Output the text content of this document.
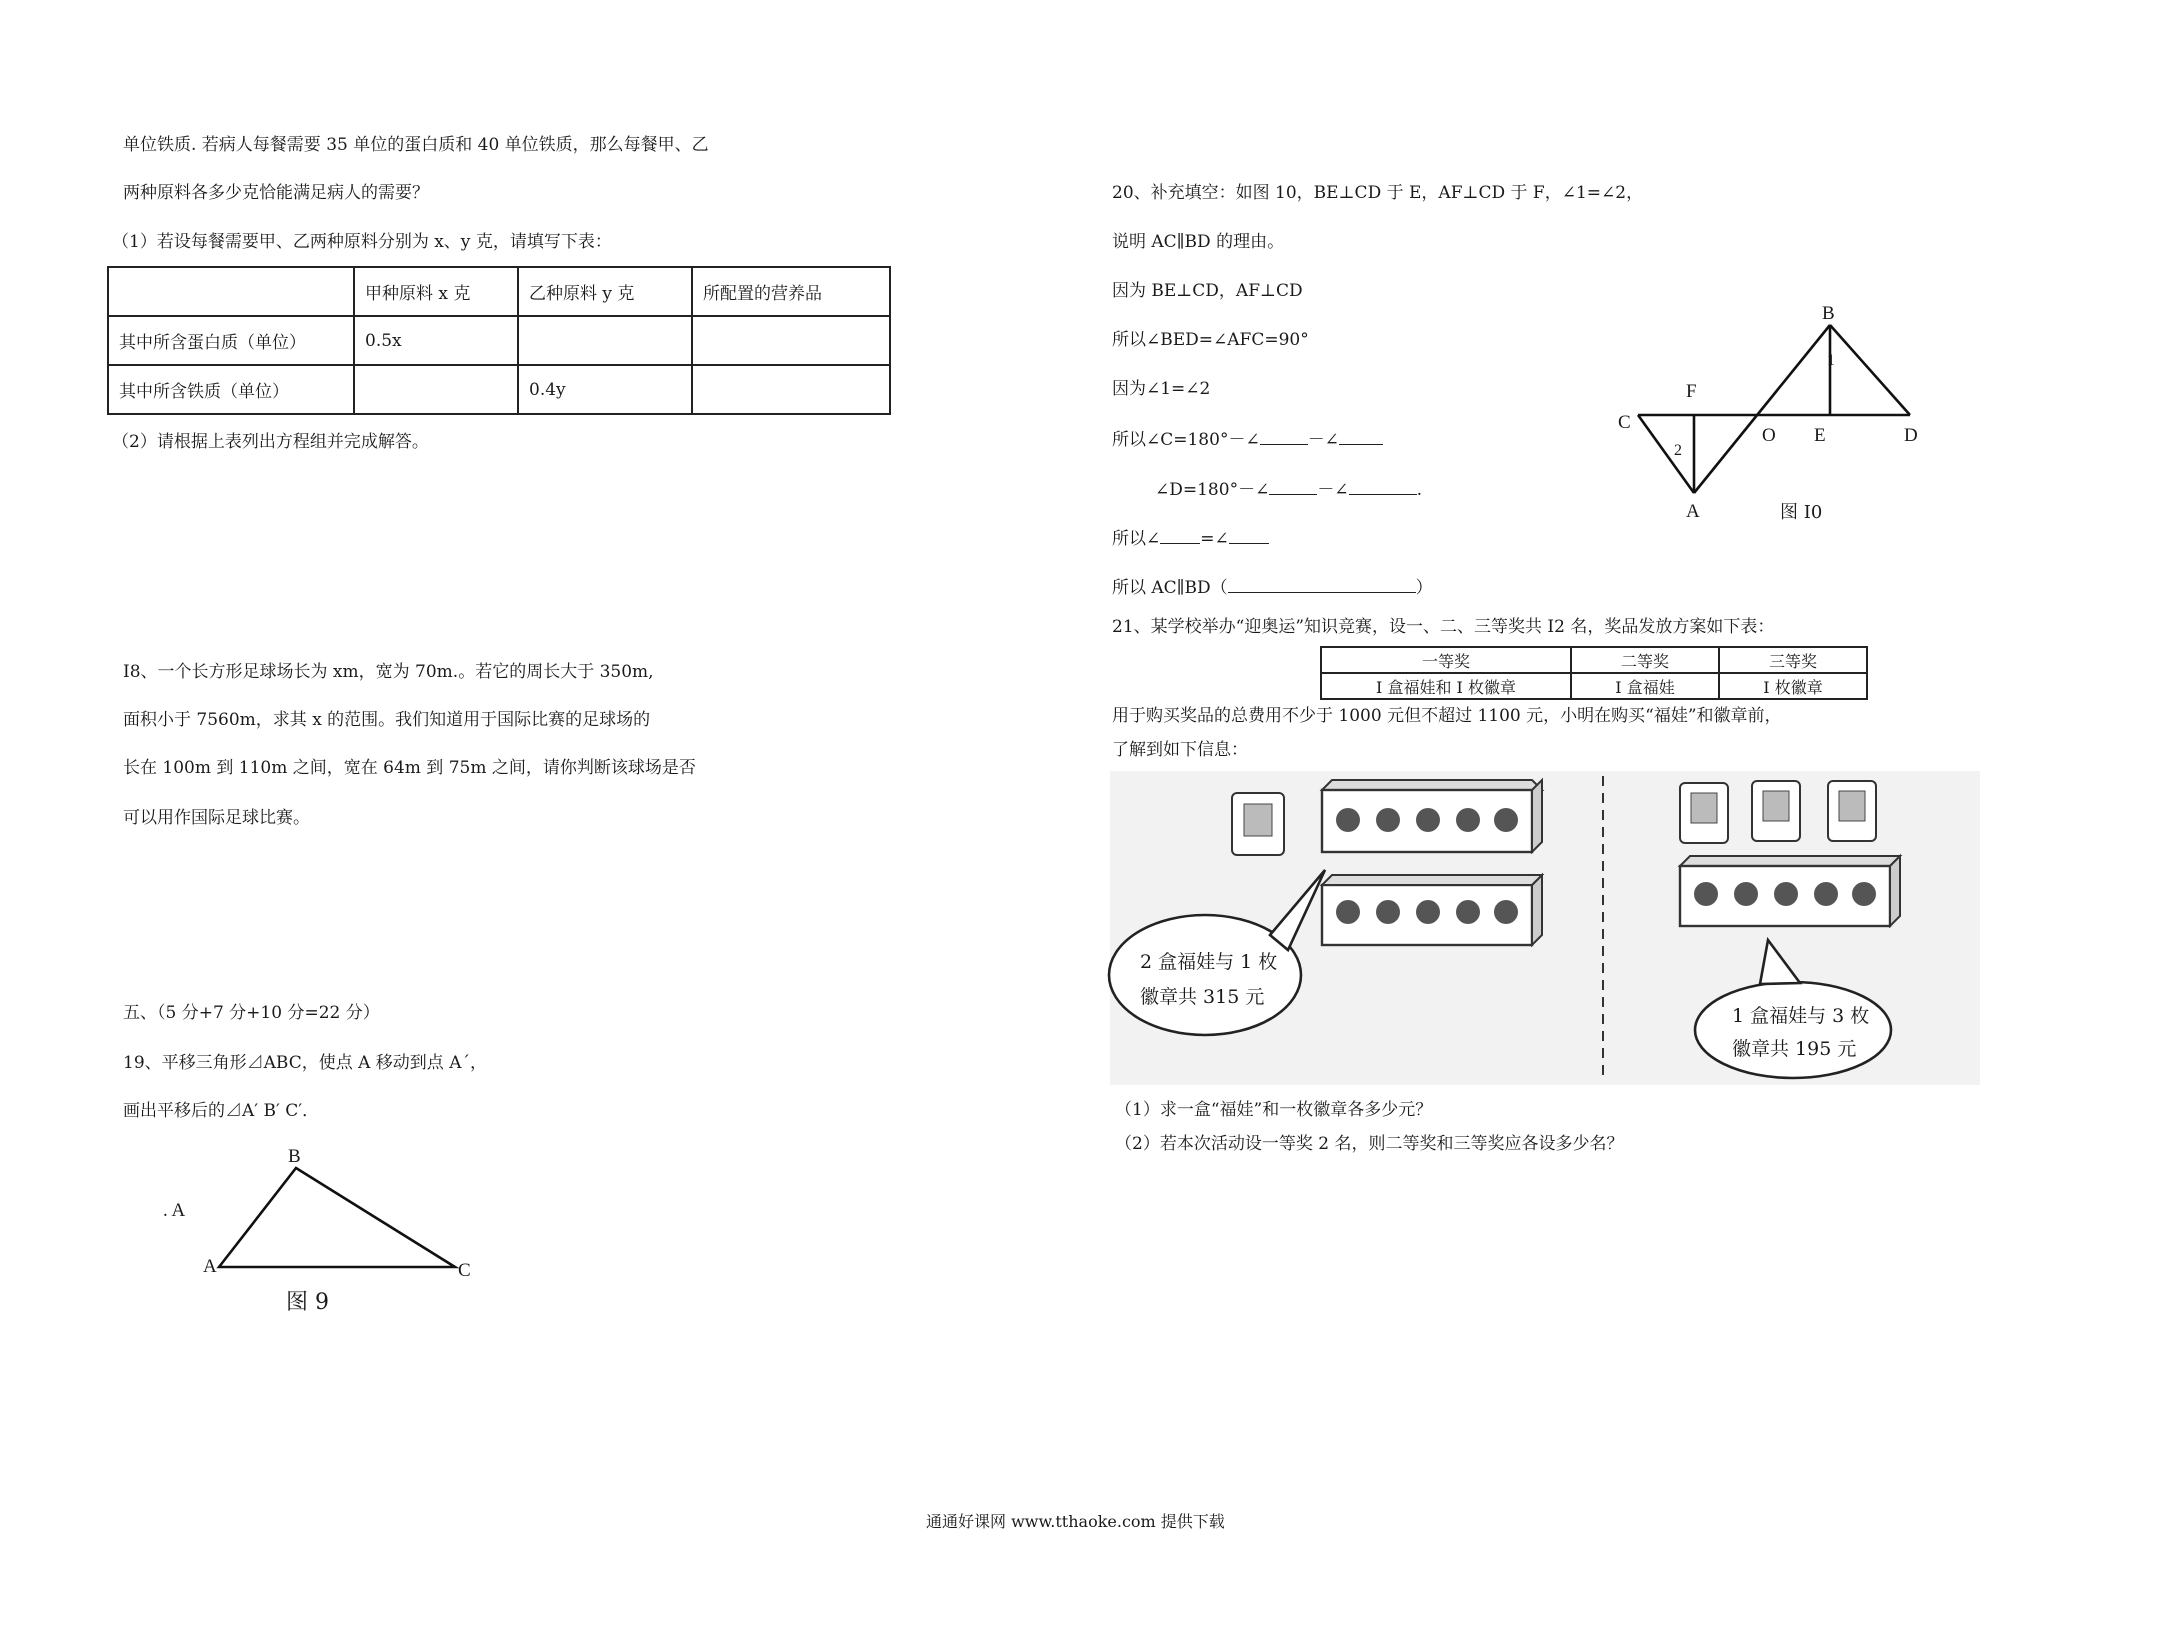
单位铁质. 若病人每餐需要 35 单位的蛋白质和 40 单位铁质，那么每餐甲、乙
两种原料各多少克恰能满足病人的需要？
（1）若设每餐需要甲、乙两种原料分别为 x、y 克，请填写下表：
	甲种原料 x 克	乙种原料 y 克	所配置的营养品
其中所含蛋白质（单位）	0.5x		
其中所含铁质（单位）		0.4y	
（2）请根据上表列出方程组并完成解答。
I8、一个长方形足球场长为 xm，宽为 70m.。若它的周长大于 350m,
面积小于 7560m，求其 x 的范围。我们知道用于国际比赛的足球场的
长在 100m 到 110m 之间，宽在 64m 到 75m 之间，请你判断该球场是否
可以用作国际足球比赛。
五、（5 分+7 分+10 分=22 分）
19、平移三角形⊿ABC，使点 A 移动到点 A´，
画出平移后的⊿A′ B′ C′．
. A
A
B
C
图 9
20、补充填空：如图 10，BE⊥CD 于 E，AF⊥CD 于 F，∠1=∠2，
说明 AC∥BD 的理由。
因为 BE⊥CD，AF⊥CD
所以∠BED=∠AFC=90°
因为∠1=∠2
所以∠C=180°－∠	－∠
∠D=180°－∠	－∠	.
所以∠ =∠
所以 AC∥BD（	）
B
1
F
C
2
O E	D
A	图 I0
21、某学校举办“迎奥运”知识竞赛，设一、二、三等奖共 I2 名，奖品发放方案如下表：
一等奖	二等奖	三等奖
I 盒福娃和 I 枚徽章	I 盒福娃	I 枚徽章
用于购买奖品的总费用不少于 1000 元但不超过 1100 元，小明在购买“福娃”和徽章前，
了解到如下信息：
2 盒福娃与 1 枚
徽章共 315 元
1 盒福娃与 3 枚
徽章共 195 元
（1）求一盒“福娃”和一枚徽章各多少元？
（2）若本次活动设一等奖 2 名，则二等奖和三等奖应各设多少名？
通通好课网 www.tthaoke.com 提供下载
